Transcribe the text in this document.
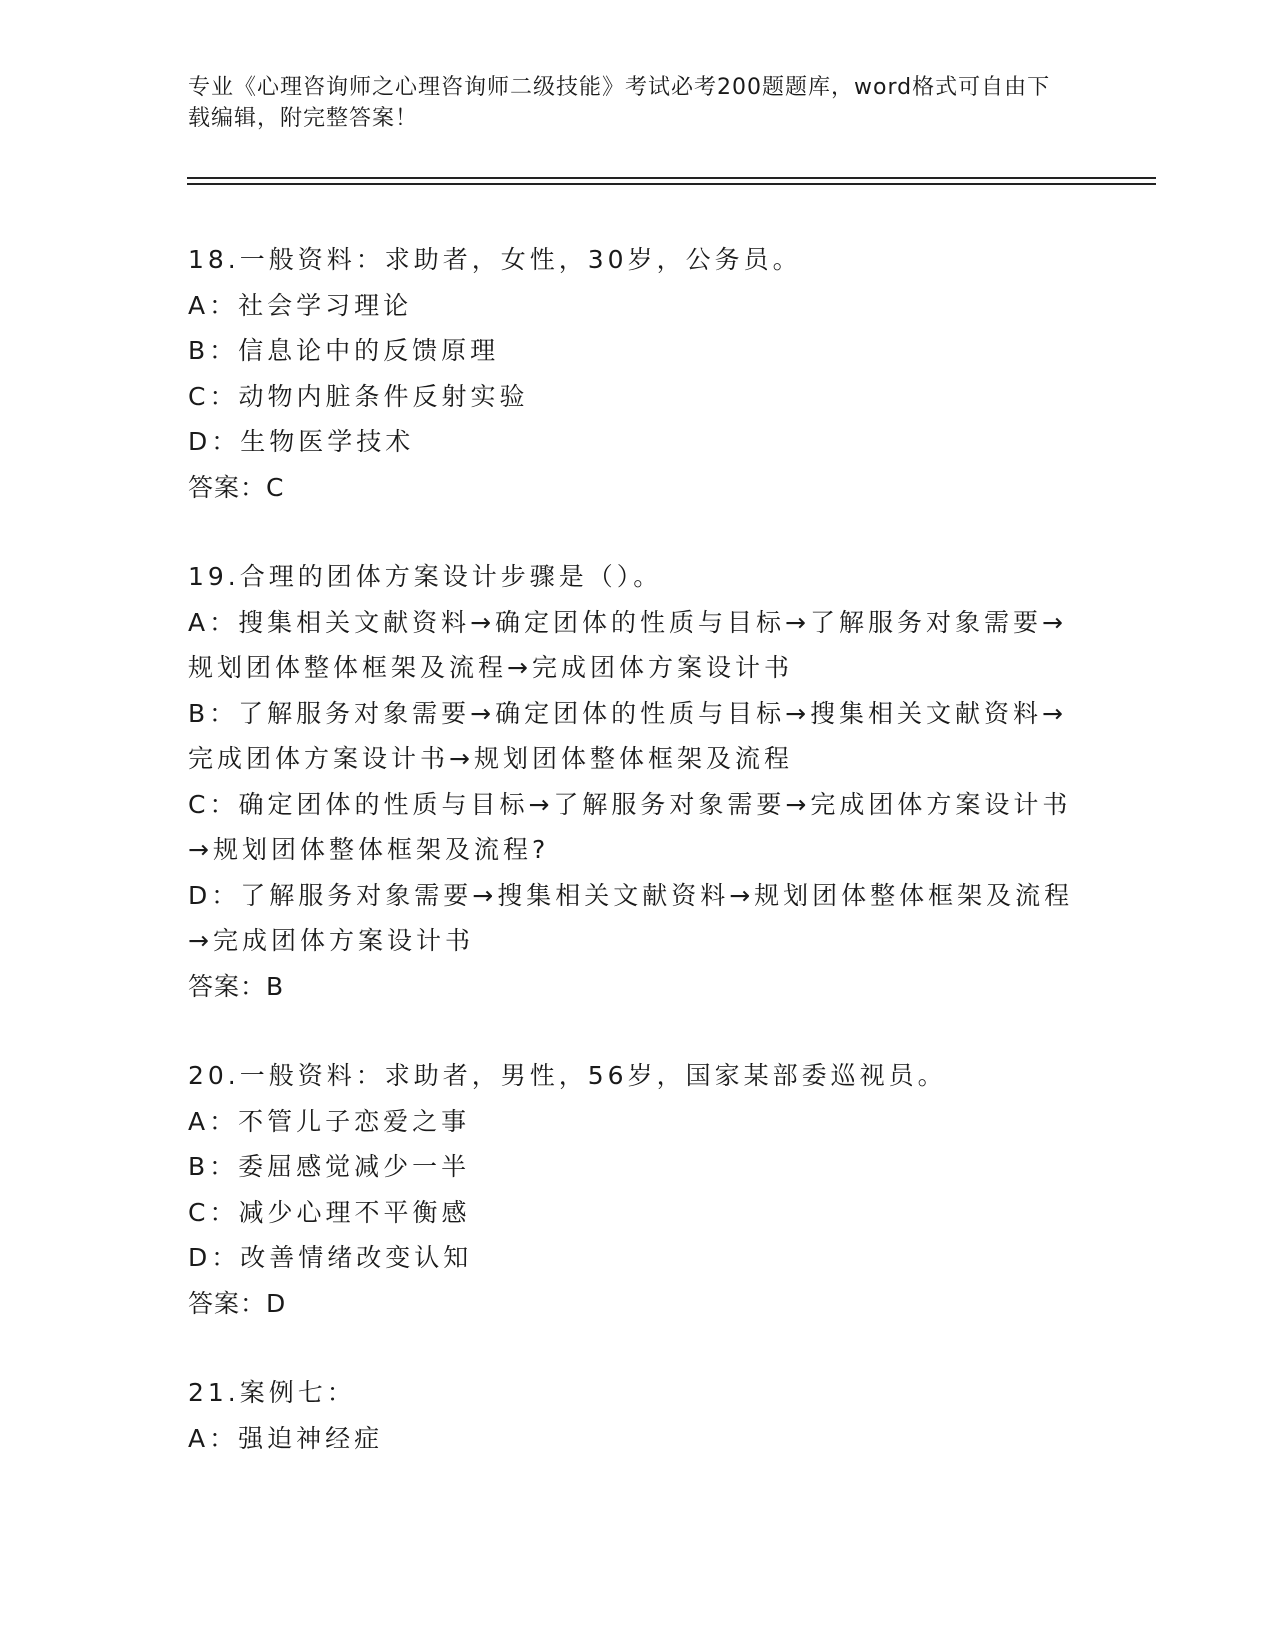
专业《心理咨询师之心理咨询师二级技能》考试必考200题题库，word格式可自由下载编辑，附完整答案！
18.一般资料：求助者，女性，30岁，公务员。
A：社会学习理论
B：信息论中的反馈原理
C：动物内脏条件反射实验
D：生物医学技术
答案：C
19.合理的团体方案设计步骤是（）。
A：搜集相关文献资料→确定团体的性质与目标→了解服务对象需要→规划团体整体框架及流程→完成团体方案设计书
B：了解服务对象需要→确定团体的性质与目标→搜集相关文献资料→完成团体方案设计书→规划团体整体框架及流程
C：确定团体的性质与目标→了解服务对象需要→完成团体方案设计书→规划团体整体框架及流程?
D：了解服务对象需要→搜集相关文献资料→规划团体整体框架及流程→完成团体方案设计书
答案：B
20.一般资料：求助者，男性，56岁，国家某部委巡视员。
A：不管儿子恋爱之事
B：委屈感觉减少一半
C：减少心理不平衡感
D：改善情绪改变认知
答案：D
21.案例七：
A：强迫神经症
